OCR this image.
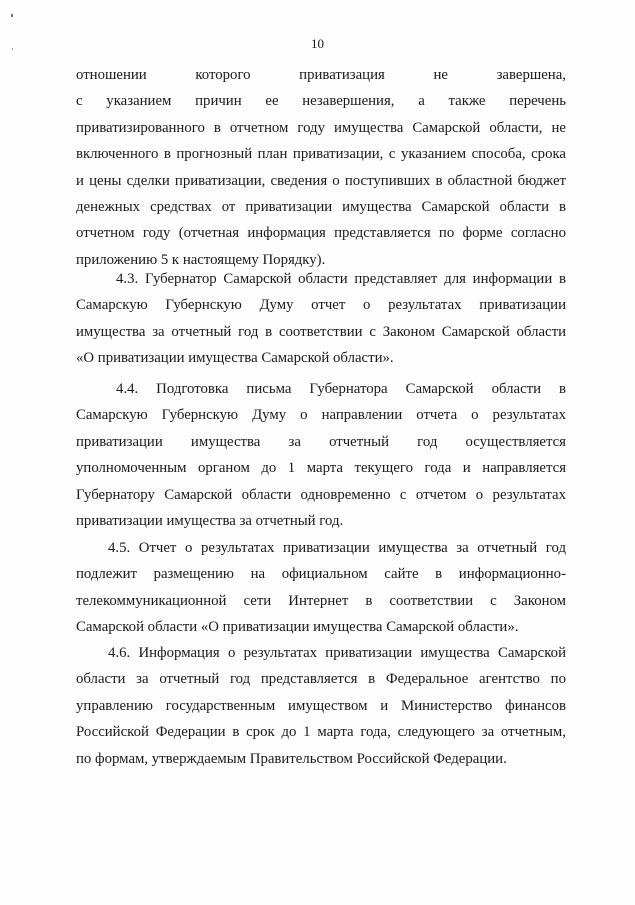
10
отношении которого приватизация не завершена,
с указанием причин ее незавершения, а также перечень
приватизированного в отчетном году имущества Самарской области, не
включенного в прогнозный план приватизации, с указанием способа, срока
и цены сделки приватизации, сведения о поступивших в областной бюджет
денежных средствах от приватизации имущества Самарской области в
отчетном году (отчетная информация представляется по форме согласно
приложению 5 к настоящему Порядку).
4.3. Губернатор Самарской области представляет для информации в
Самарскую Губернскую Думу отчет о результатах приватизации
имущества за отчетный год в соответствии с Законом Самарской области
«О приватизации имущества Самарской области».
4.4. Подготовка письма Губернатора Самарской области в
Самарскую Губернскую Думу о направлении отчета о результатах
приватизации имущества за отчетный год осуществляется
уполномоченным органом до 1 марта текущего года и направляется
Губернатору Самарской области одновременно с отчетом о результатах
приватизации имущества за отчетный год.
4.5. Отчет о результатах приватизации имущества за отчетный год
подлежит размещению на официальном сайте в информационно-
телекоммуникационной сети Интернет в соответствии с Законом
Самарской области «О приватизации имущества Самарской области».
4.6. Информация о результатах приватизации имущества Самарской
области за отчетный год представляется в Федеральное агентство по
управлению государственным имуществом и Министерство финансов
Российской Федерации в срок до 1 марта года, следующего за отчетным,
по формам, утверждаемым Правительством Российской Федерации.
